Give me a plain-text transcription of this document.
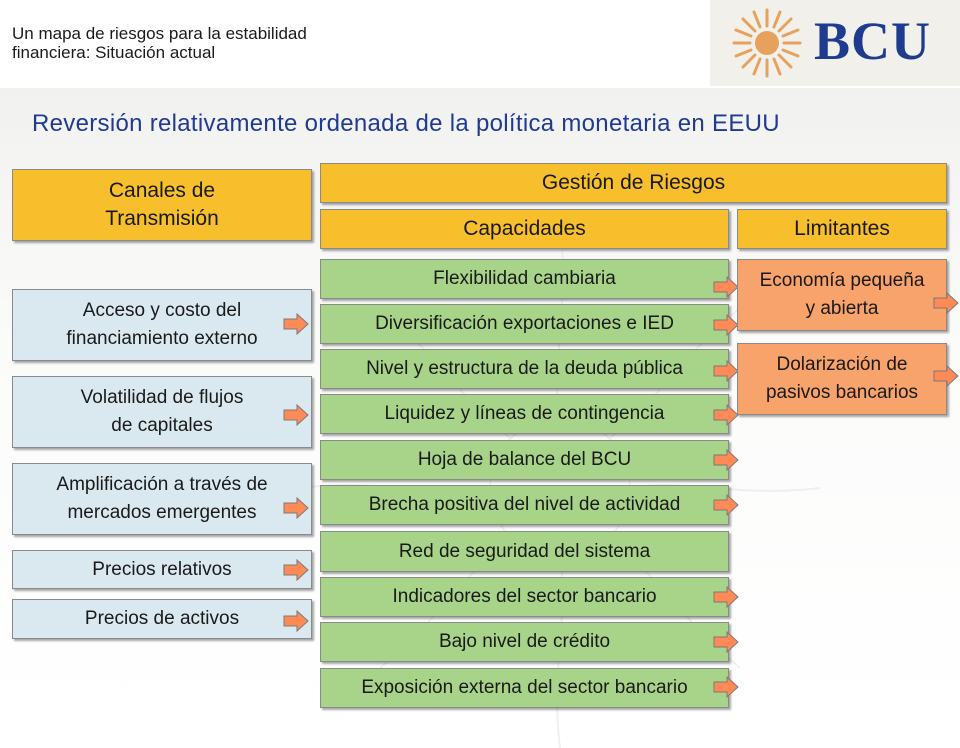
Un mapa de riesgos para la estabilidad
financiera: Situación actual	BCU
Reversión relativamente ordenada de la política monetaria en EEUU
Canales de
Transmisión
Acceso y costo del
financiamiento externo
Volatilidad de flujos
de capitales
Amplificación a través de
mercados emergentes
Precios relativos
Precios de activos
Gestión de Riesgos
Capacidades	Limitantes
Flexibilidad cambiaria
Diversificación exportaciones e IED
Nivel y estructura de la deuda pública
Liquidez y líneas de contingencia
Hoja de balance del BCU
Brecha positiva del nivel de actividad
Red de seguridad del sistema
Indicadores del sector bancario
Bajo nivel de crédito
Exposición externa del sector bancario
Economía pequeña
y abierta
Dolarización de
pasivos bancarios
